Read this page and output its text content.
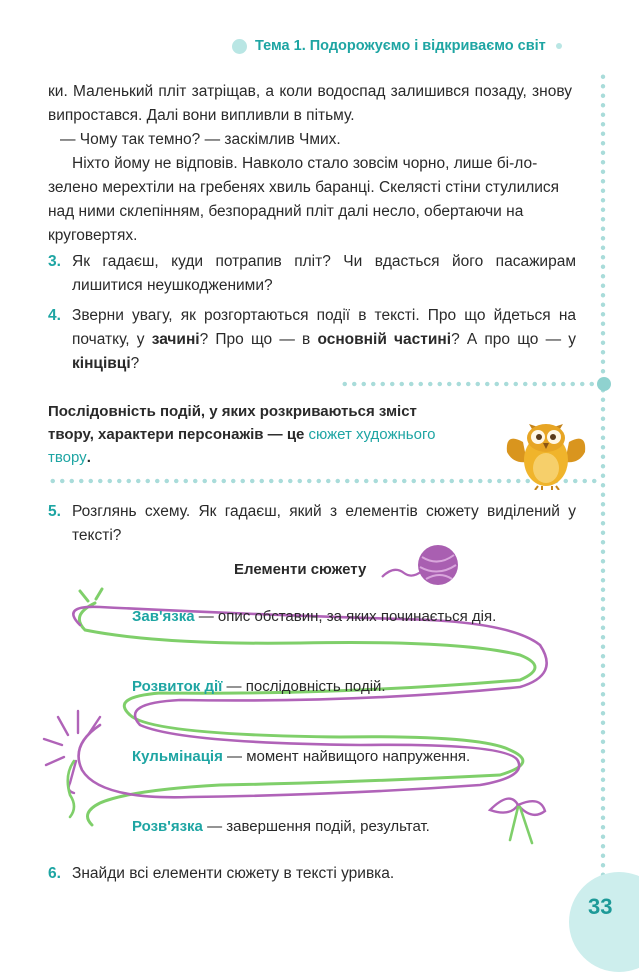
Тема 1. Подорожуємо і відкриваємо світ

ки. Маленький пліт затріщав, а коли водоспад залишився позаду, знову випростався. Далі вони випливли в пітьму.

— Чому так темно? — заскімлив Чмих.

Ніхто йому не відповів. Навколо стало зовсім чорно, лише бі-ло-зелено мерехтіли на гребенях хвиль баранці. Скелясті стіни стулилися над ними склепінням, безпорадний пліт далі несло, обертаючи на круговертях.

3. Як гадаєш, куди потрапив пліт? Чи вдасться його пасажирам лишитися неушкодженими?
4. Зверни увагу, як розгортаються події в тексті. Про що йдеться на початку, у зачині? Про що — в основній частині? А про що — у кінцівці?
Послідовність подій, у яких розкриваються зміст твору, характери персонажів — це сюжет художнього твору.
5. Розглянь схему. Як гадаєш, який з елементів сюжету виділений у тексті?
Елементи сюжету
Зав'язка — опис обставин, за яких починається дія.
Розвиток дії — послідовність подій.
Кульмінація — момент найвищого напруження.
Розв'язка — завершення подій, результат.
6. Знайди всі елементи сюжету в тексті уривка.
33
